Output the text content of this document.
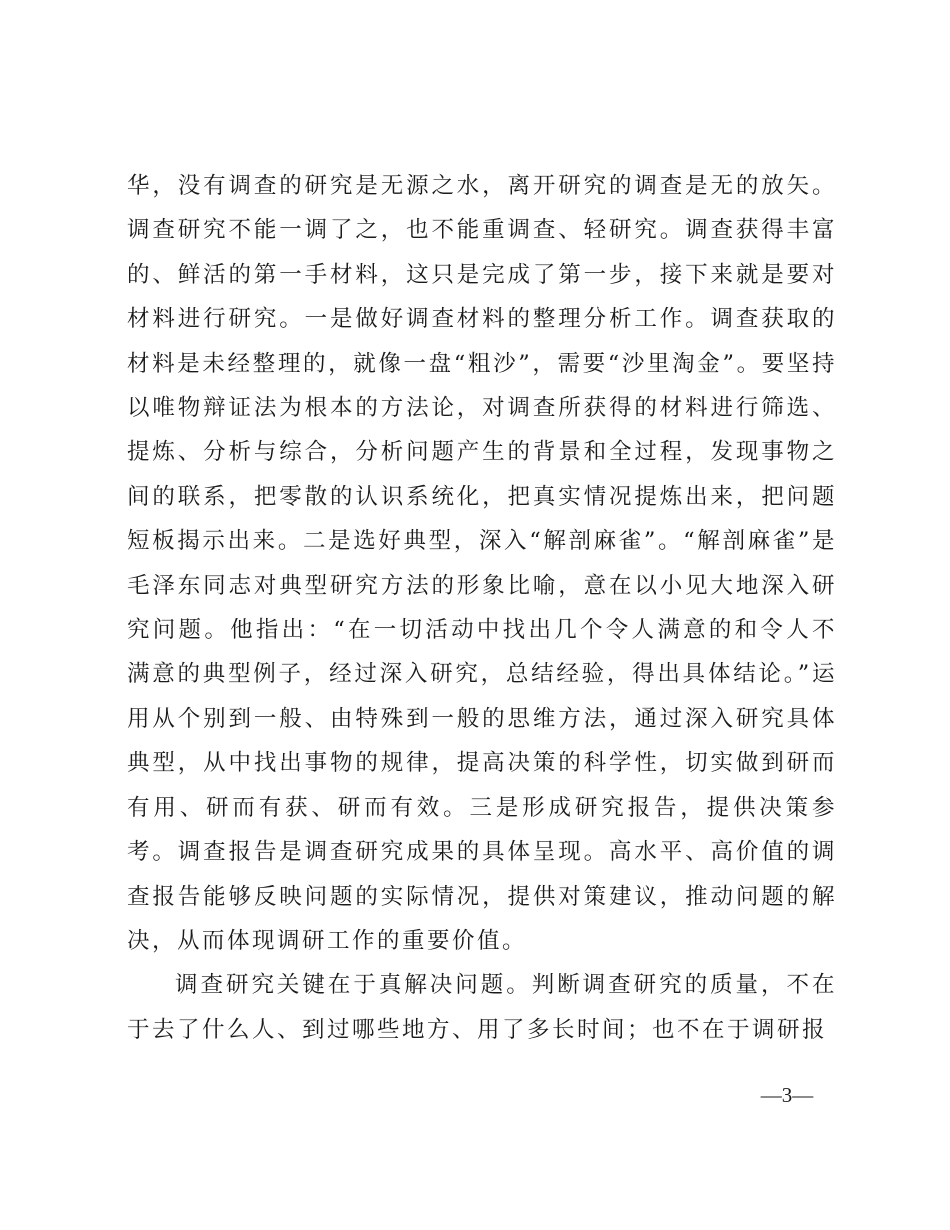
华，没有调查的研究是无源之水，离开研究的调查是无的放矢。调查研究不能一调了之，也不能重调查、轻研究。调查获得丰富的、鲜活的第一手材料，这只是完成了第一步，接下来就是要对材料进行研究。一是做好调查材料的整理分析工作。调查获取的材料是未经整理的，就像一盘“粗沙”，需要“沙里淘金”。要坚持以唯物辩证法为根本的方法论，对调查所获得的材料进行筛选、提炼、分析与综合，分析问题产生的背景和全过程，发现事物之间的联系，把零散的认识系统化，把真实情况提炼出来，把问题短板揭示出来。二是选好典型，深入“解剖麻雀”。“解剖麻雀”是毛泽东同志对典型研究方法的形象比喻，意在以小见大地深入研究问题。他指出：“在一切活动中找出几个令人满意的和令人不满意的典型例子，经过深入研究，总结经验，得出具体结论。”运用从个别到一般、由特殊到一般的思维方法，通过深入研究具体典型，从中找出事物的规律，提高决策的科学性，切实做到研而有用、研而有获、研而有效。三是形成研究报告，提供决策参考。调查报告是调查研究成果的具体呈现。高水平、高价值的调查报告能够反映问题的实际情况，提供对策建议，推动问题的解决，从而体现调研工作的重要价值。

调查研究关键在于真解决问题。判断调查研究的质量，不在于去了什么人、到过哪些地方、用了多长时间；也不在于调研报

—3—
